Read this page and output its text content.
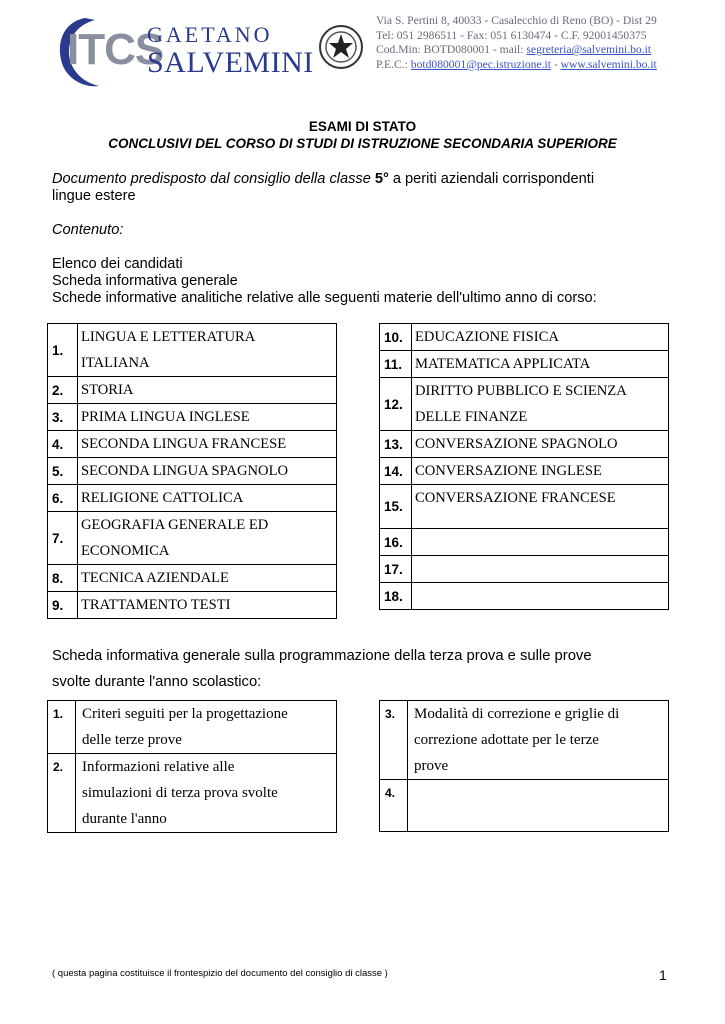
ITCS
GAETANO
SALVEMINI
Via S. Pertini 8, 40033 - Casalecchio di Reno (BO) - Dist 29
Tel: 051 2986511 - Fax: 051 6130474 - C.F. 92001450375
Cod.Min: BOTD080001 - mail: segreteria@salvemini.bo.it
P.E.C.: botd080001@pec.istruzione.it - www.salvemini.bo.it
ESAMI DI STATO
CONCLUSIVI DEL CORSO DI STUDI DI ISTRUZIONE SECONDARIA SUPERIORE
Documento predisposto dal consiglio della classe 5° a periti aziendali corrispondenti
lingue estere
Contenuto:
Elenco dei candidati
Scheda informativa generale
Schede informative analitiche relative alle seguenti materie dell'ultimo anno di corso:
1.	LINGUA E LETTERATURA
ITALIANA

2.	STORIA

3.	PRIMA LINGUA INGLESE

4.	SECONDA LINGUA FRANCESE

5.	SECONDA LINGUA SPAGNOLO

6.	RELIGIONE CATTOLICA

7.	GEOGRAFIA GENERALE ED
ECONOMICA

8.	TECNICA AZIENDALE

9.	TRATTAMENTO TESTI
10.	EDUCAZIONE FISICA

11.	MATEMATICA APPLICATA

12.	DIRITTO PUBBLICO E SCIENZA
DELLE FINANZE

13.	CONVERSAZIONE SPAGNOLO

14.	CONVERSAZIONE INGLESE

15.	CONVERSAZIONE FRANCESE

16.	

17.	

18.	
Scheda informativa generale sulla programmazione della terza prova e sulle prove
svolte durante l'anno scolastico:
1.	Criteri seguiti per la progettazione
delle terze prove

2.	Informazioni relative alle
simulazioni di terza prova svolte
durante l'anno
3.	Modalità di correzione e griglie di
correzione adottate per le terze
prove

4.	
( questa pagina costituisce il frontespizio del documento del consiglio di classe )	1
